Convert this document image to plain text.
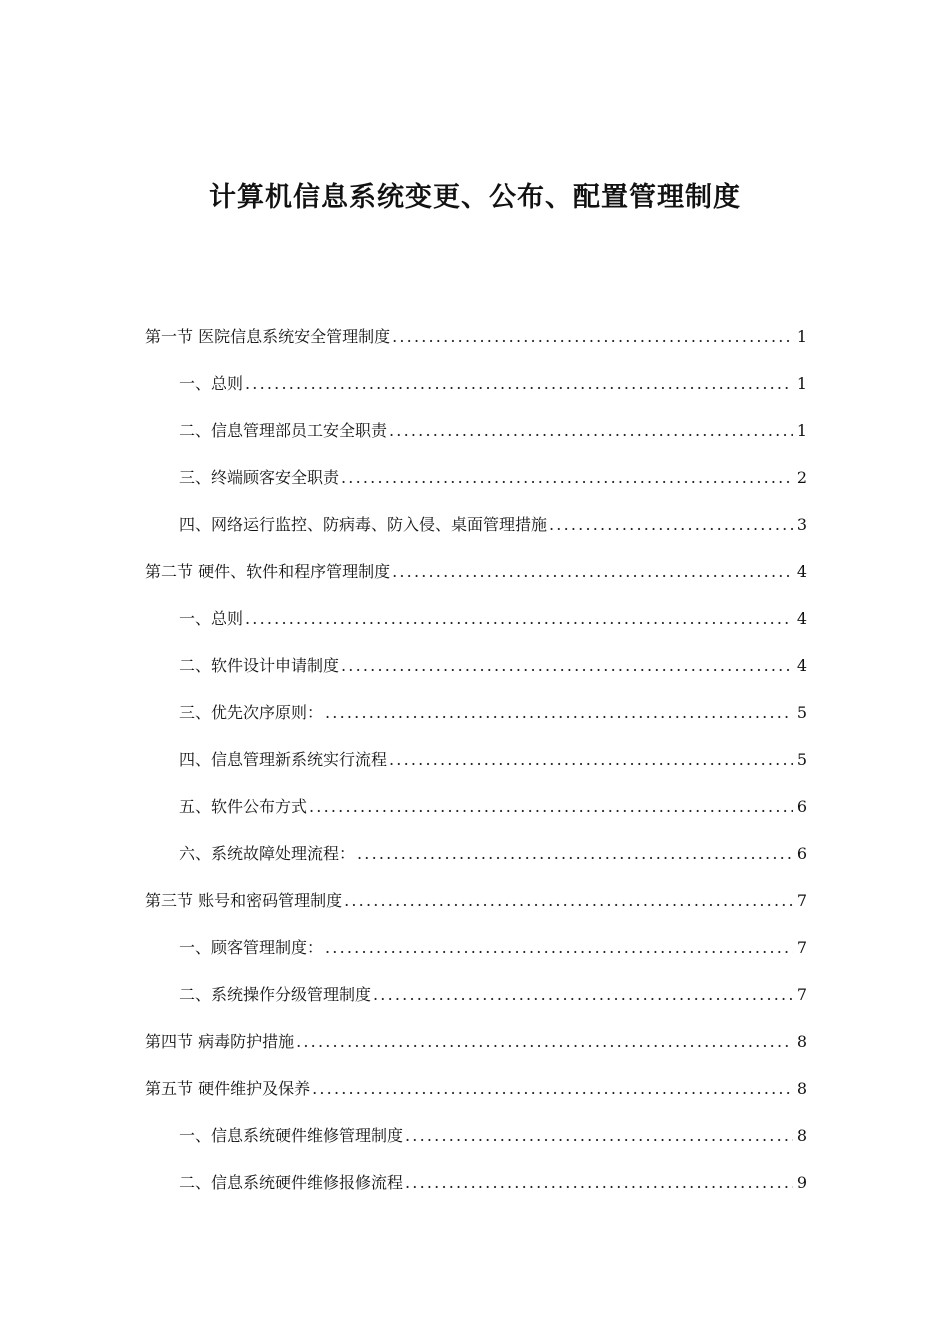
计算机信息系统变更、公布、配置管理制度
第一节 医院信息系统安全管理制度 .....	1
一、总则 .....	1
二、信息管理部员工安全职责 .....	1
三、终端顾客安全职责 .....	2
四、网络运行监控、防病毒、防入侵、桌面管理措施 .....	3
第二节 硬件、软件和程序管理制度 .....	4
一、总则 .....	4
二、软件设计申请制度 .....	4
三、优先次序原则： .....	5
四、信息管理新系统实行流程 .....	5
五、软件公布方式 .....	6
六、系统故障处理流程： .....	6
第三节 账号和密码管理制度 .....	7
一、顾客管理制度： .....	7
二、系统操作分级管理制度 .....	7
第四节 病毒防护措施 .....	8
第五节 硬件维护及保养 .....	8
一、信息系统硬件维修管理制度 .....	8
二、信息系统硬件维修报修流程 .....	9
